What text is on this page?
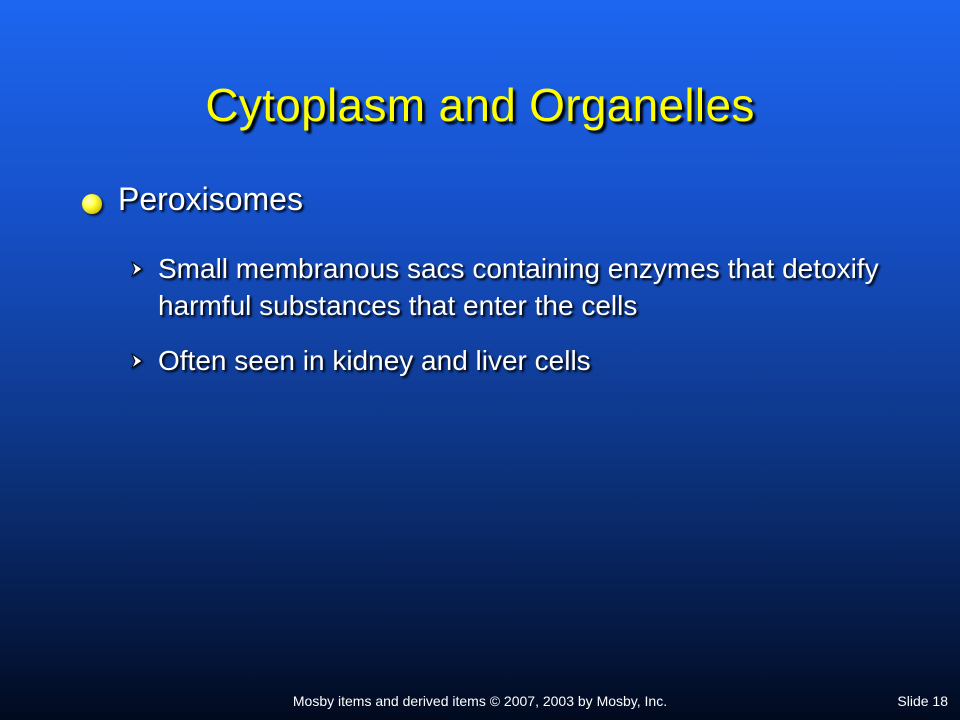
Cytoplasm and Organelles
Peroxisomes
Small membranous sacs containing enzymes that detoxify harmful substances that enter the cells
Often seen in kidney and liver cells
Mosby items and derived items © 2007, 2003 by Mosby, Inc.	Slide 18
